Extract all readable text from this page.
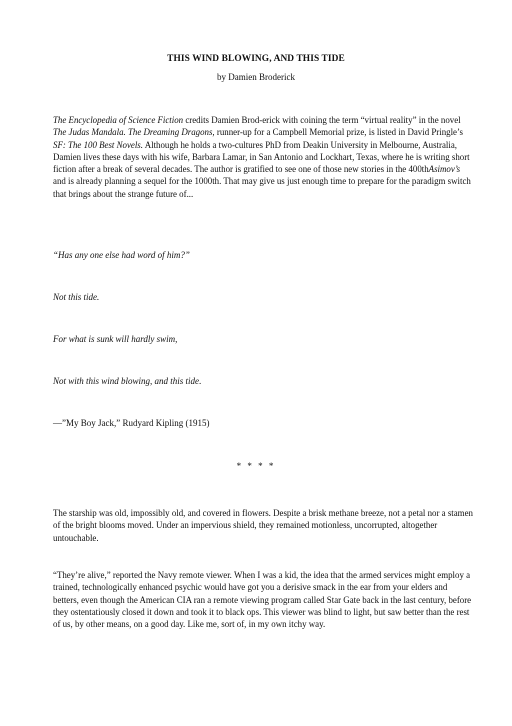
THIS WIND BLOWING, AND THIS TIDE
by Damien Broderick

The Encyclopedia of Science Fiction credits Damien Brod-erick with coining the term “virtual reality” in the novel The Judas Mandala. The Dreaming Dragons, runner-up for a Campbell Memorial prize, is listed in David Pringle’s SF: The 100 Best Novels. Although he holds a two-cultures PhD from Deakin University in Melbourne, Australia, Damien lives these days with his wife, Barbara Lamar, in San Antonio and Lockhart, Texas, where he is writing short fiction after a break of several decades. The author is gratified to see one of those new stories in the 400thAsimov’s and is already planning a sequel for the 1000th. That may give us just enough time to prepare for the paradigm switch that brings about the strange future of...

“Has any one else had word of him?”

Not this tide.

For what is sunk will hardly swim,

Not with this wind blowing, and this tide.

—”My Boy Jack,” Rudyard Kipling (1915)

* * * *

The starship was old, impossibly old, and covered in flowers. Despite a brisk methane breeze, not a petal nor a stamen of the bright blooms moved. Under an impervious shield, they remained motionless, uncorrupted, altogether untouchable.

“They’re alive,” reported the Navy remote viewer. When I was a kid, the idea that the armed services might employ a trained, technologically enhanced psychic would have got you a derisive smack in the ear from your elders and betters, even though the American CIA ran a remote viewing program called Star Gate back in the last century, before they ostentatiously closed it down and took it to black ops. This viewer was blind to light, but saw better than the rest of us, by other means, on a good day. Like me, sort of, in my own itchy way.
